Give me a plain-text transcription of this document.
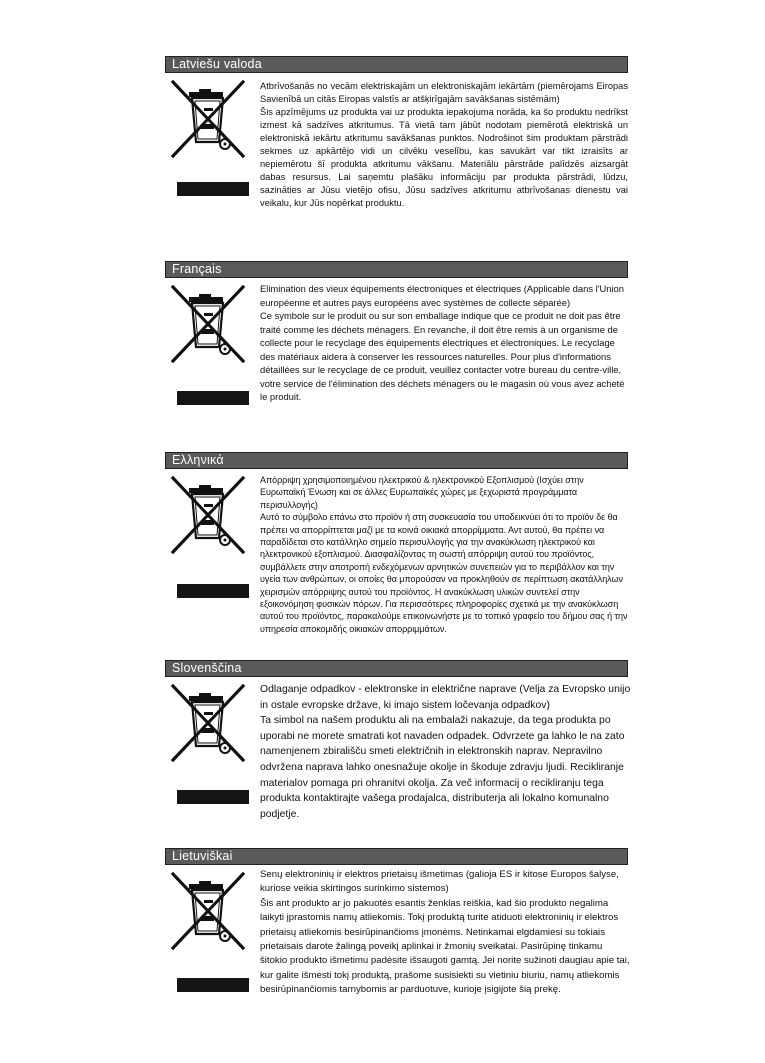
Latviešu valoda

Atbrīvošanās no vecām elektriskajām un elektroniskajām iekārtām (piemērojams Eiropas Savienībā un citās Eiropas valstīs ar atšķirīgajām savākšanas sistēmām)
Šis apzīmējums uz produkta vai uz produkta iepakojuma norāda, ka šo produktu nedrīkst izmest kā sadzīves atkritumus. Tā vietā tam jābūt nodotam piemērotā elektriskā un elektroniskā iekārtu atkritumu savākšanas punktos. Nodrošinot šim produktam pārstrādi sekmes uz apkārtējo vidi un cilvēku veselību, kas savukārt var tikt izraisīts ar nepiemērotu šī produkta atkritumu vākšanu. Materiālu pārstrāde palīdzēs aizsargāt dabas resursus. Lai saņemtu plašāku informāciju par produkta pārstrādi, lūdzu, sazināties ar Jūsu vietējo ofisu, Jūsu sadzīves atkritumu atbrīvošanas dienestu vai veikalu, kur Jūs nopērkat produktu.

Français

Elimination des vieux équipements électroniques et électriques (Applicable dans l'Union européenne et autres pays européens avec systèmes de collecte séparée)
Ce symbole sur le produit ou sur son emballage indique que ce produit ne doit pas être traité comme les déchets ménagers. En revanche, il doit être remis à un organisme de collecte pour le recyclage des équipements électriques et électroniques. Le recyclage des matériaux aidera à conserver les ressources naturelles. Pour plus d'informations détaillées sur le recyclage de ce produit, veuillez contacter votre bureau du centre-ville, votre service de l'élimination des déchets ménagers ou le magasin où vous avez acheté le produit.

Ελληνικά

Απόρριψη χρησιμοποιημένου ηλεκτρικού & ηλεκτρονικού Εξοπλισμού (Ισχύει στην Ευρωπαϊκή Ένωση και σε άλλες Ευρωπαϊκές χώρες με ξεχωριστά προγράμματα περισυλλογής)
Αυτό το σύμβολο επάνω στο προϊόν ή στη συσκευασία του υποδεικνύει ότι το προϊόν δε θα πρέπει να απορρίπτεται μαζί με τα κοινά οικιακά απορρίμματα. Αντ αυτού, θα πρέπει να παραδίδεται στο κατάλληλο σημείο περισυλλογής για την ανακύκλωση ηλεκτρικού και ηλεκτρονικού εξοπλισμού. Διασφαλίζοντας τη σωστή απόρριψη αυτού του προϊόντος, συμβάλλετε στην αποτροπή ενδεχόμενων αρνητικών συνεπειών για το περιβάλλον και την υγεία των ανθρώπων, οι οποίες θα μπορούσαν να προκληθούν σε περίπτωση ακατάλληλων χειρισμών απόρριψης αυτού του προϊόντος. Η ανακύκλωση υλικών συντελεί στην εξοικονόμηση φυσικών πόρων. Για περισσότερες πληροφορίες σχετικά με την ανακύκλωση αυτού του προϊόντος, παρακαλούμε επικοινωνήστε με το τοπικό γραφείο του δήμου σας ή την υπηρεσία αποκομιδής οικιακών απορριμμάτων.

Slovenščina

Odlaganje odpadkov - elektronske in električne naprave (Velja za Evropsko unijo in ostale evropske države, ki imajo sistem ločevanja odpadkov)
Ta simbol na našem produktu ali na embalaži nakazuje, da tega produkta po uporabi ne morete smatrati kot navaden odpadek. Odvrzete ga lahko le na zato namenjenem zbirališču smeti električnih in elektronskih naprav. Nepravilno odvržena naprava lahko onesnažuje okolje in škoduje zdravju ljudi. Recikliranje materialov pomaga pri ohranitvi okolja. Za več informacij o recikliranju tega produkta kontaktirajte vašega prodajalca, distributerja ali lokalno komunalno podjetje.

Lietuviškai

Senų elektroninių ir elektros prietaisų išmetimas (galioja ES ir kitose Europos šalyse, kuriose veikia skirtingos surinkimo sistemos)
Šis ant produkto ar jo pakuotės esantis ženklas reiškia, kad šio produkto negalima laikyti įprastomis namų atliekomis. Tokį produktą turite atiduoti elektroninių ir elektros prietaisų atliekomis besirūpinančioms įmonėms. Netinkamai elgdamiesi su tokiais prietaisais darote žalingą poveikį aplinkai ir žmonių sveikatai. Pasirūpinę tinkamu šitokio produkto išmetimu padėsite išsaugoti gamtą. Jei norite sužinoti daugiau apie tai, kur galite išmesti tokį produktą, prašome susisiekti su vietiniu biuriu, namų atliekomis besirūpinančiomis tarnybomis ar parduotuve, kurioje įsigijote šią prekę.
